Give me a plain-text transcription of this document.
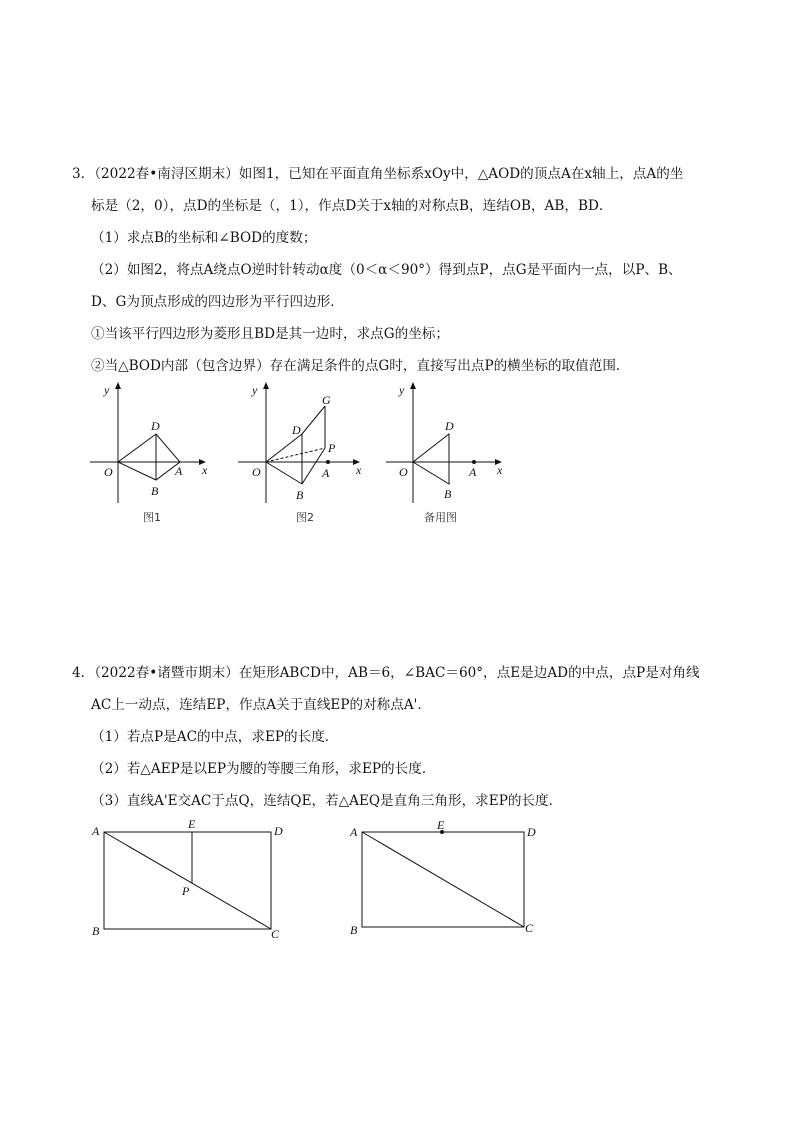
3．（2022春•南浔区期末）如图1，已知在平面直角坐标系xOy中，△AOD的顶点A在x轴上，点A的坐
标是（2，0），点D的坐标是（，1），作点D关于x轴的对称点B，连结OB，AB，BD．
（1）求点B的坐标和∠BOD的度数；
（2）如图2，将点A绕点O逆时针转动α度（0＜α＜90°）得到点P，点G是平面内一点，以P、B、
D、G为顶点形成的四边形为平行四边形．
①当该平行四边形为菱形且BD是其一边时，求点G的坐标；
②当△BOD内部（包含边界）存在满足条件的点G时，直接写出点P的横坐标的取值范围．
y
x
O
D
A
B
图1
y
x
O
D
A
B
P
G
图2
y
x
O
D
A
B
备用图
4．（2022春•诸暨市期末）在矩形ABCD中，AB＝6，∠BAC＝60°，点E是边AD的中点，点P是对角线
AC上一动点，连结EP，作点A关于直线EP的对称点A'．
（1）若点P是AC的中点，求EP的长度．
（2）若△AEP是以EP为腰的等腰三角形，求EP的长度．
（3）直线A'E交AC于点Q，连结QE，若△AEQ是直角三角形，求EP的长度．
A	D
E
P
B	C
A	D
E
B	C
